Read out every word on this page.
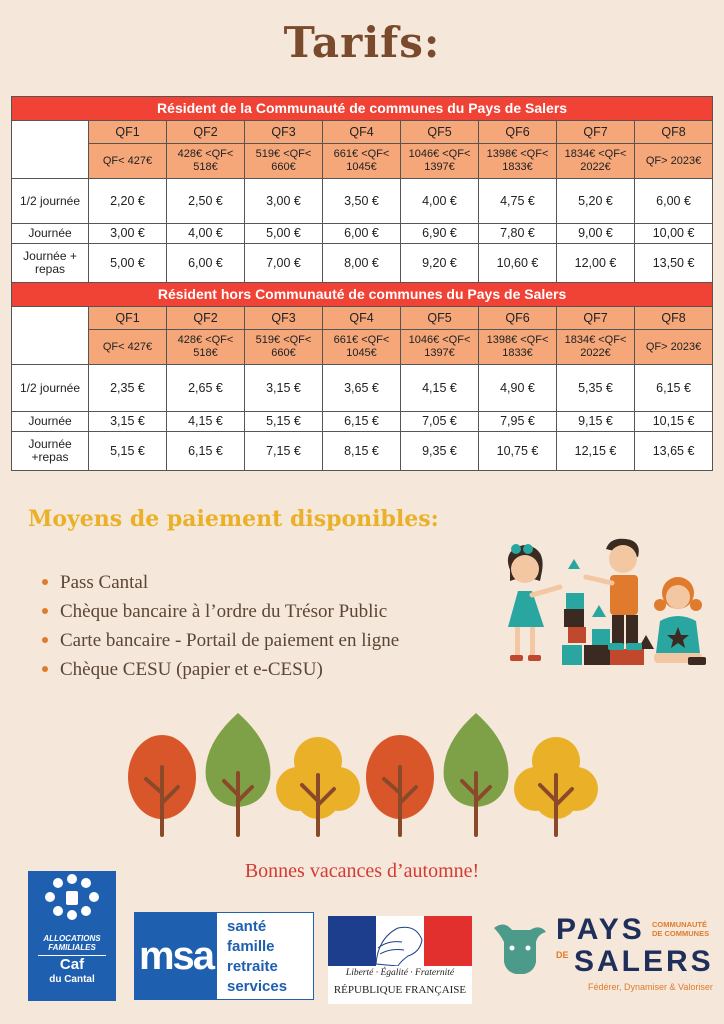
Tarifs:
Résident de la Communauté de communes du Pays de Salers								
	QF1	QF2	QF3	QF4	QF5	QF6	QF7	QF8
	QF< 427€	428€ <QF< 518€	519€ <QF< 660€	661€ <QF< 1045€	1046€ <QF< 1397€	1398€ <QF< 1833€	1834€ <QF< 2022€	QF> 2023€
1/2 journée	2,20 €	2,50 €	3,00 €	3,50 €	4,00 €	4,75 €	5,20 €	6,00 €
Journée	3,00 €	4,00 €	5,00 €	6,00 €	6,90 €	7,80 €	9,00 €	10,00 €
Journée + repas	5,00 €	6,00 €	7,00 €	8,00 €	9,20 €	10,60 €	12,00 €	13,50 €
Résident hors Communauté de communes du Pays de Salers								
	QF1	QF2	QF3	QF4	QF5	QF6	QF7	QF8
	QF< 427€	428€ <QF< 518€	519€ <QF< 660€	661€ <QF< 1045€	1046€ <QF< 1397€	1398€ <QF< 1833€	1834€ <QF< 2022€	QF> 2023€
1/2 journée	2,35 €	2,65 €	3,15 €	3,65 €	4,15 €	4,90 €	5,35 €	6,15 €
Journée	3,15 €	4,15 €	5,15 €	6,15 €	7,05 €	7,95 €	9,15 €	10,15 €
Journée +repas	5,15 €	6,15 €	7,15 €	8,15 €	9,35 €	10,75 €	12,15 €	13,65 €
Moyens de paiement disponibles:
Pass Cantal
Chèque bancaire à l’ordre du Trésor Public
Carte bancaire - Portail de paiement en ligne
Chèque CESU (papier et e-CESU)
Bonnes vacances d’automne!
ALLOCATIONS
FAMILIALES
Caf
du Cantal
msa
santé
famille
retraite
services
Liberté · Égalité · Fraternité
RÉPUBLIQUE FRANÇAISE
PAYS COMMUNAUTÉ
DE COMMUNES
DE SALERS
Fédérer, Dynamiser & Valoriser
